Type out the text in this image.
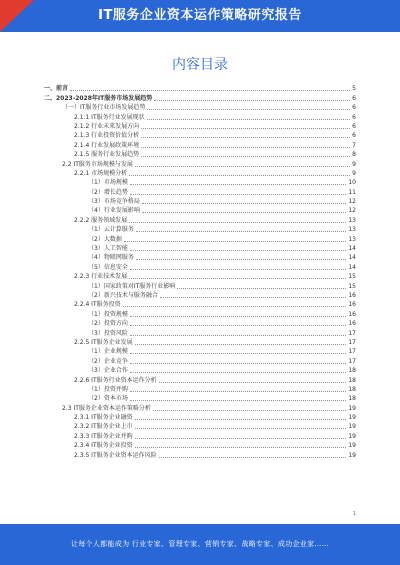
IT服务企业资本运作策略研究报告
内容目录
一、前言	5
二、2023-2028年IT服务市场发展趋势	6
（一）IT服务行业市场发展趋势	6
2.1.1 IT服务行业发展现状	6
2.1.2 行业未来发展方向	6
2.1.3 行业投资价值分析	6
2.1.4 行业发展政策环境	7
2.1.5 服务行业发展趋势	8
2.2 IT服务市场规模与发展	9
2.2.1 市场规模分析	9
（1）市场规模	10
（2）增长趋势	11
（3）市场竞争格局	12
（4）行业发展影响	12
2.2.2 服务领域发展	13
（1）云计算服务	13
（2）大数据	13
（3）人工智能	14
（4）物联网服务	14
（5）信息安全	14
2.2.3 行业技术发展	15
（1）国家政策对IT服务行业影响	15
（2）新兴技术与服务融合	16
2.2.4 IT服务投资	16
（1）投资规模	16
（2）投资方向	16
（3）投资风险	17
2.2.5 IT服务企业发展	17
（1）企业规模	17
（2）企业竞争	17
（3）企业合作	18
2.2.6 IT服务行业资本运作分析	18
（1）投资并购	18
（2）资本市场	18
2.3 IT服务企业资本运作策略分析	19
2.3.1 IT服务企业融资	19
2.3.2 IT服务企业上市	19
2.3.3 IT服务企业并购	19
2.3.4 IT服务企业投资	19
2.3.5 IT服务企业资本运作风险	19
1
让每个人都能成为 行业专家、管理专家、营销专家、战略专家、成功企业家……
